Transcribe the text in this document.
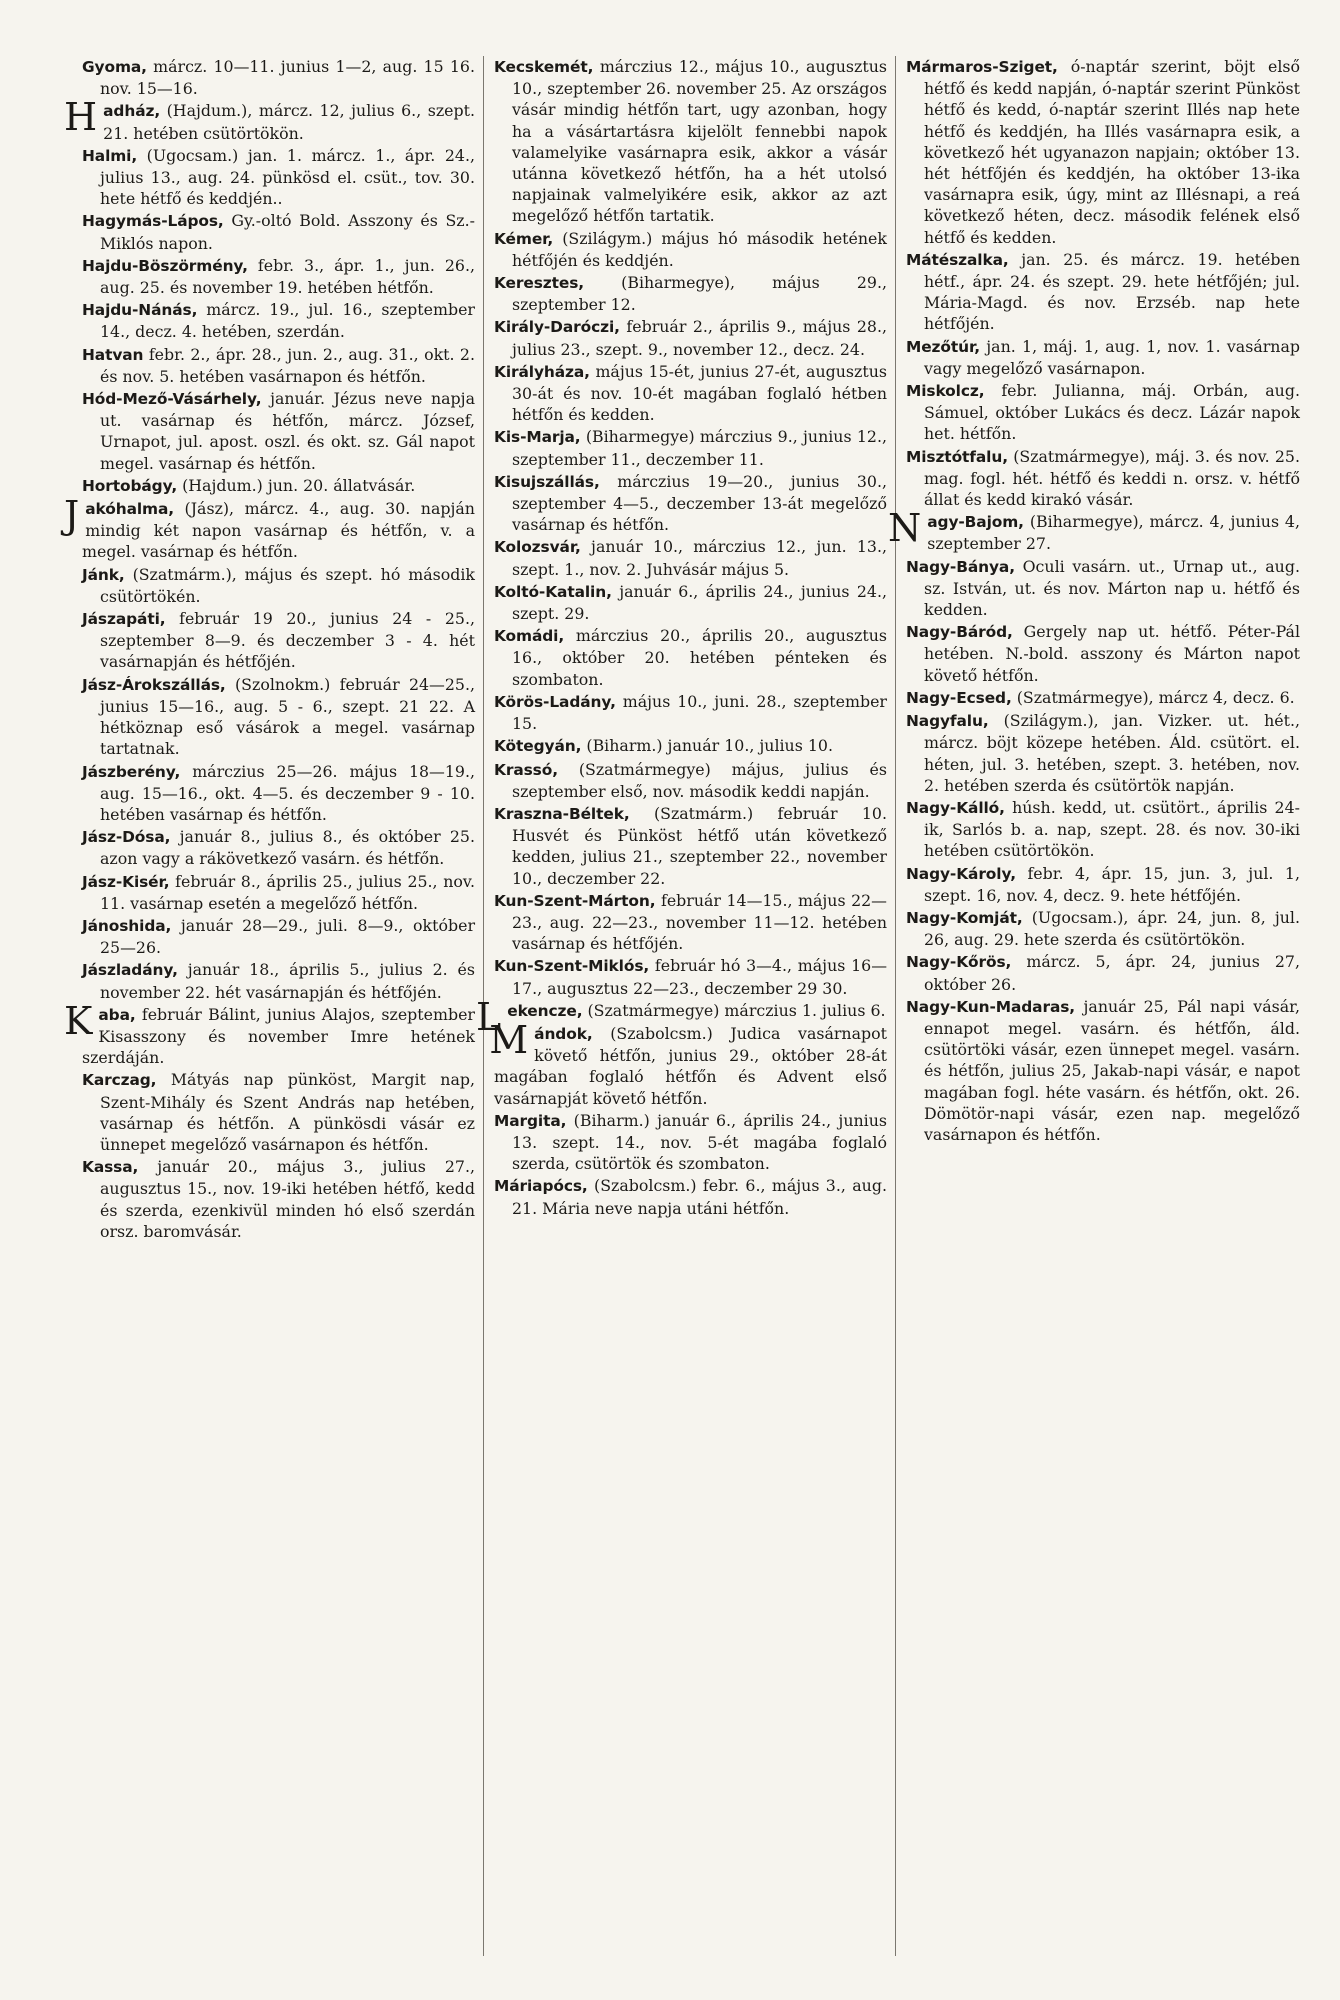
Gyoma, márcz. 10—11. junius 1—2, aug. 15 16. nov. 15—16.

Hadház, (Hajdum.), márcz. 12, julius 6., szept. 21. hetében csütörtökön.

Halmi, (Ugocsam.) jan. 1. márcz. 1., ápr. 24., julius 13., aug. 24. pünkösd el. csüt., tov. 30. hete hétfő és keddjén..

Hagymás-Lápos, Gy.-oltó Bold. Asszony és Sz.-Miklós napon.

Hajdu-Böszörmény, febr. 3., ápr. 1., jun. 26., aug. 25. és november 19. hetében hétfőn.

Hajdu-Nánás, márcz. 19., jul. 16., szeptember 14., decz. 4. hetében, szerdán.

Hatvan febr. 2., ápr. 28., jun. 2., aug. 31., okt. 2. és nov. 5. hetében vasárnapon és hétfőn.

Hód-Mező-Vásárhely, január. Jézus neve napja ut. vasárnap és hétfőn, márcz. József, Urnapot, jul. apost. oszl. és okt. sz. Gál napot megel. vasárnap és hétfőn.

Hortobágy, (Hajdum.) jun. 20. állatvásár.

Jakóhalma, (Jász), márcz. 4., aug. 30. napján mindig két napon vasárnap és hétfőn, v. a megel. vasárnap és hétfőn.

Jánk, (Szatmárm.), május és szept. hó második csütörtökén.

Jászapáti, február 19 20., junius 24 - 25., szeptember 8—9. és deczember 3 - 4. hét vasárnapján és hétfőjén.

Jász-Árokszállás, (Szolnokm.) február 24—25., junius 15—16., aug. 5 - 6., szept. 21 22. A hétköznap eső vásárok a megel. vasárnap tartatnak.

Jászberény, márczius 25—26. május 18—19., aug. 15—16., okt. 4—5. és deczember 9 - 10. hetében vasárnap és hétfőn.

Jász-Dósa, január 8., julius 8., és október 25. azon vagy a rákövetkező vasárn. és hétfőn.

Jász-Kisér, február 8., április 25., julius 25., nov. 11. vasárnap esetén a megelőző hétfőn.

Jánoshida, január 28—29., juli. 8—9., október 25—26.

Jászladány, január 18., április 5., julius 2. és november 22. hét vasárnapján és hétfőjén.

Kaba, február Bálint, junius Alajos, szeptember Kisasszony és november Imre hetének szerdáján.

Karczag, Mátyás nap pünköst, Margit nap, Szent-Mihály és Szent András nap hetében, vasárnap és hétfőn. A pünkösdi vásár ez ünnepet megelőző vasárnapon és hétfőn.

Kassa, január 20., május 3., julius 27., augusztus 15., nov. 19-iki hetében hétfő, kedd és szerda, ezenkivül minden hó első szerdán orsz. baromvásár.

Kecskemét, márczius 12., május 10., augusztus 10., szeptember 26. november 25. Az országos vásár mindig hétfőn tart, ugy azonban, hogy ha a vásártartásra kijelölt fennebbi napok valamelyike vasárnapra esik, akkor a vásár utánna következő hétfőn, ha a hét utolsó napjainak valmelyikére esik, akkor az azt megelőző hétfőn tartatik.

Kémer, (Szilágym.) május hó második hetének hétfőjén és keddjén.

Keresztes, (Biharmegye), május 29., szeptember 12.

Király-Daróczi, február 2., április 9., május 28., julius 23., szept. 9., november 12., decz. 24.

Királyháza, május 15-ét, junius 27-ét, augusztus 30-át és nov. 10-ét magában foglaló hétben hétfőn és kedden.

Kis-Marja, (Biharmegye) márczius 9., junius 12., szeptember 11., deczember 11.

Kisujszállás, márczius 19—20., junius 30., szeptember 4—5., deczember 13-át megelőző vasárnap és hétfőn.

Kolozsvár, január 10., márczius 12., jun. 13., szept. 1., nov. 2. Juhvásár május 5.

Koltó-Katalin, január 6., április 24., junius 24., szept. 29.

Komádi, márczius 20., április 20., augusztus 16., október 20. hetében pénteken és szombaton.

Körös-Ladány, május 10., juni. 28., szeptember 15.

Kötegyán, (Biharm.) január 10., julius 10.

Krassó, (Szatmármegye) május, julius és szeptember első, nov. második keddi napján.

Kraszna-Béltek, (Szatmárm.) február 10. Husvét és Pünköst hétfő után következő kedden, julius 21., szeptember 22., november 10., deczember 22.

Kun-Szent-Márton, február 14—15., május 22—23., aug. 22—23., november 11—12. hetében vasárnap és hétfőjén.

Kun-Szent-Miklós, február hó 3—4., május 16—17., augusztus 22—23., deczember 29 30.

Lekencze, (Szatmármegye) márczius 1. julius 6.

Mándok, (Szabolcsm.) Judica vasárnapot követő hétfőn, junius 29., október 28-át magában foglaló hétfőn és Advent első vasárnapját követő hétfőn.

Margita, (Biharm.) január 6., április 24., junius 13. szept. 14., nov. 5-ét magába foglaló szerda, csütörtök és szombaton.

Máriapócs, (Szabolcsm.) febr. 6., május 3., aug. 21. Mária neve napja utáni hétfőn.

Mármaros-Sziget, ó-naptár szerint, böjt első hétfő és kedd napján, ó-naptár szerint Pünköst hétfő és kedd, ó-naptár szerint Illés nap hete hétfő és keddjén, ha Illés vasárnapra esik, a következő hét ugyanazon napjain; október 13. hét hétfőjén és keddjén, ha október 13-ika vasárnapra esik, úgy, mint az Illésnapi, a reá következő héten, decz. második felének első hétfő és kedden.

Mátészalka, jan. 25. és márcz. 19. hetében hétf., ápr. 24. és szept. 29. hete hétfőjén; jul. Mária-Magd. és nov. Erzséb. nap hete hétfőjén.

Mezőtúr, jan. 1, máj. 1, aug. 1, nov. 1. vasárnap vagy megelőző vasárnapon.

Miskolcz, febr. Julianna, máj. Orbán, aug. Sámuel, október Lukács és decz. Lázár napok het. hétfőn.

Misztótfalu, (Szatmármegye), máj. 3. és nov. 25. mag. fogl. hét. hétfő és keddi n. orsz. v. hétfő állat és kedd kirakó vásár.

Nagy-Bajom, (Biharmegye), márcz. 4, junius 4, szeptember 27.

Nagy-Bánya, Oculi vasárn. ut., Urnap ut., aug. sz. István, ut. és nov. Márton nap u. hétfő és kedden.

Nagy-Báród, Gergely nap ut. hétfő. Péter-Pál hetében. N.-bold. asszony és Márton napot követő hétfőn.

Nagy-Ecsed, (Szatmármegye), márcz 4, decz. 6.

Nagyfalu, (Szilágym.), jan. Vizker. ut. hét., márcz. böjt közepe hetében. Áld. csütört. el. héten, jul. 3. hetében, szept. 3. hetében, nov. 2. hetében szerda és csütörtök napján.

Nagy-Kálló, húsh. kedd, ut. csütört., április 24-ik, Sarlós b. a. nap, szept. 28. és nov. 30-iki hetében csütörtökön.

Nagy-Károly, febr. 4, ápr. 15, jun. 3, jul. 1, szept. 16, nov. 4, decz. 9. hete hétfőjén.

Nagy-Komját, (Ugocsam.), ápr. 24, jun. 8, jul. 26, aug. 29. hete szerda és csütörtökön.

Nagy-Kőrös, márcz. 5, ápr. 24, junius 27, október 26.

Nagy-Kun-Madaras, január 25, Pál napi vásár, ennapot megel. vasárn. és hétfőn, áld. csütörtöki vásár, ezen ünnepet megel. vasárn. és hétfőn, julius 25, Jakab-napi vásár, e napot magában fogl. héte vasárn. és hétfőn, okt. 26. Dömötör-napi vásár, ezen nap. megelőző vasárnapon és hétfőn.
